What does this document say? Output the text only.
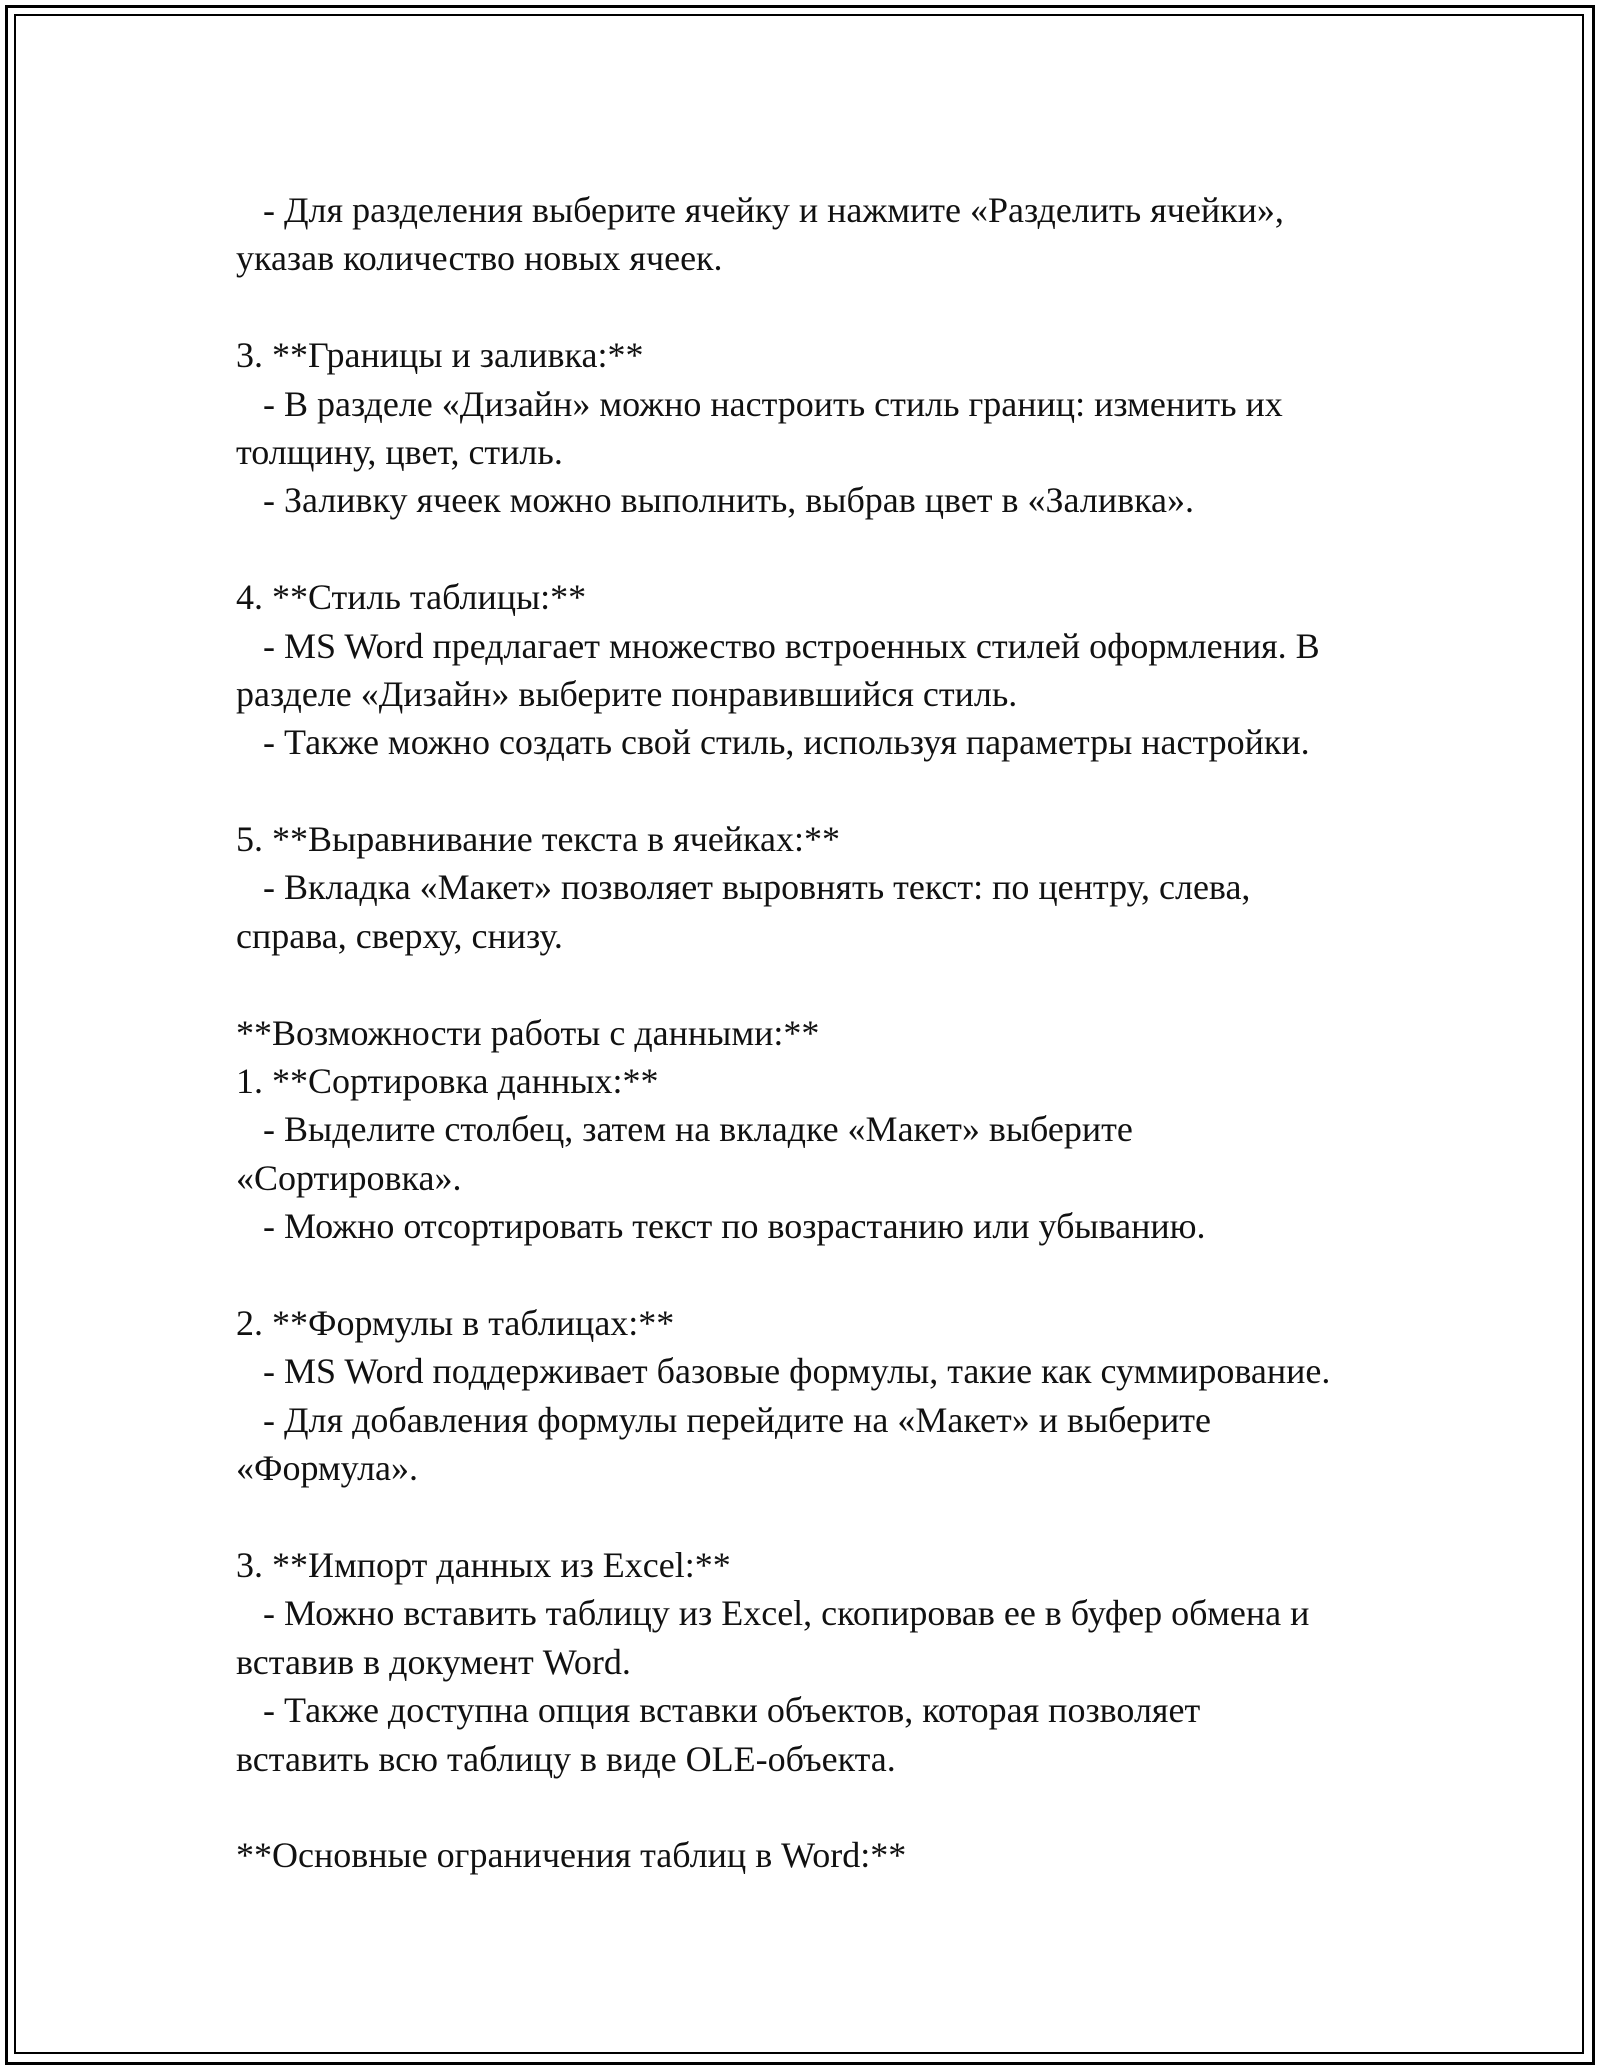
- Для разделения выберите ячейку и нажмите «Разделить ячейки»,
указав количество новых ячеек.
3. **Границы и заливка:**
- В разделе «Дизайн» можно настроить стиль границ: изменить их
толщину, цвет, стиль.
- Заливку ячеек можно выполнить, выбрав цвет в «Заливка».
4. **Стиль таблицы:**
- MS Word предлагает множество встроенных стилей оформления. В
разделе «Дизайн» выберите понравившийся стиль.
- Также можно создать свой стиль, используя параметры настройки.
5. **Выравнивание текста в ячейках:**
- Вкладка «Макет» позволяет выровнять текст: по центру, слева,
справа, сверху, снизу.
**Возможности работы с данными:**
1. **Сортировка данных:**
- Выделите столбец, затем на вкладке «Макет» выберите
«Сортировка».
- Можно отсортировать текст по возрастанию или убыванию.
2. **Формулы в таблицах:**
- MS Word поддерживает базовые формулы, такие как суммирование.
- Для добавления формулы перейдите на «Макет» и выберите
«Формула».
3. **Импорт данных из Excel:**
- Можно вставить таблицу из Excel, скопировав ее в буфер обмена и
вставив в документ Word.
- Также доступна опция вставки объектов, которая позволяет
вставить всю таблицу в виде OLE-объекта.
**Основные ограничения таблиц в Word:**
